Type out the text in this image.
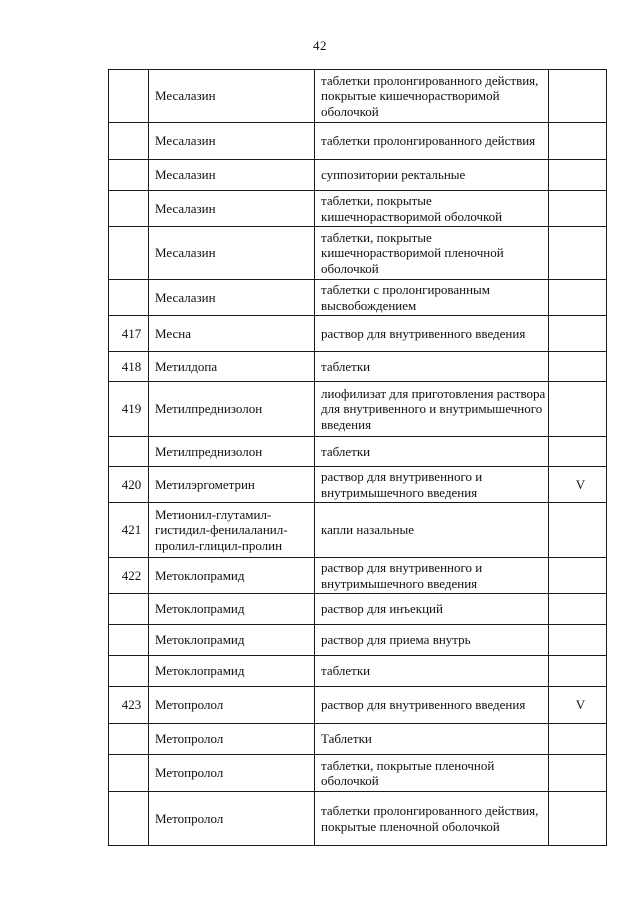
42
	Месалазин	таблетки пролонгированного действия, покрытые кишечнорастворимой оболочкой	
	Месалазин	таблетки пролонгированного действия	
	Месалазин	суппозитории ректальные	
	Месалазин	таблетки, покрытые кишечнорастворимой оболочкой	
	Месалазин	таблетки, покрытые кишечнорастворимой пленочной оболочкой	
	Месалазин	таблетки с пролонгированным высвобождением	
417	Месна	раствор для внутривенного введения	
418	Метилдопа	таблетки	
419	Метилпреднизолон	лиофилизат для приготовления раствора для внутривенного и внутримышечного введения	
	Метилпреднизолон	таблетки	
420	Метилэргометрин	раствор для внутривенного и внутримышечного введения	V
421	Метионил-глутамил-гистидил-фенилаланил-пролил-глицил-пролин	капли назальные	
422	Метоклопрамид	раствор для внутривенного и внутримышечного введения	
	Метоклопрамид	раствор для инъекций	
	Метоклопрамид	раствор для приема внутрь	
	Метоклопрамид	таблетки	
423	Метопролол	раствор для внутривенного введения	V
	Метопролол	Таблетки	
	Метопролол	таблетки, покрытые пленочной оболочкой	
	Метопролол	таблетки пролонгированного действия, покрытые пленочной оболочкой	
